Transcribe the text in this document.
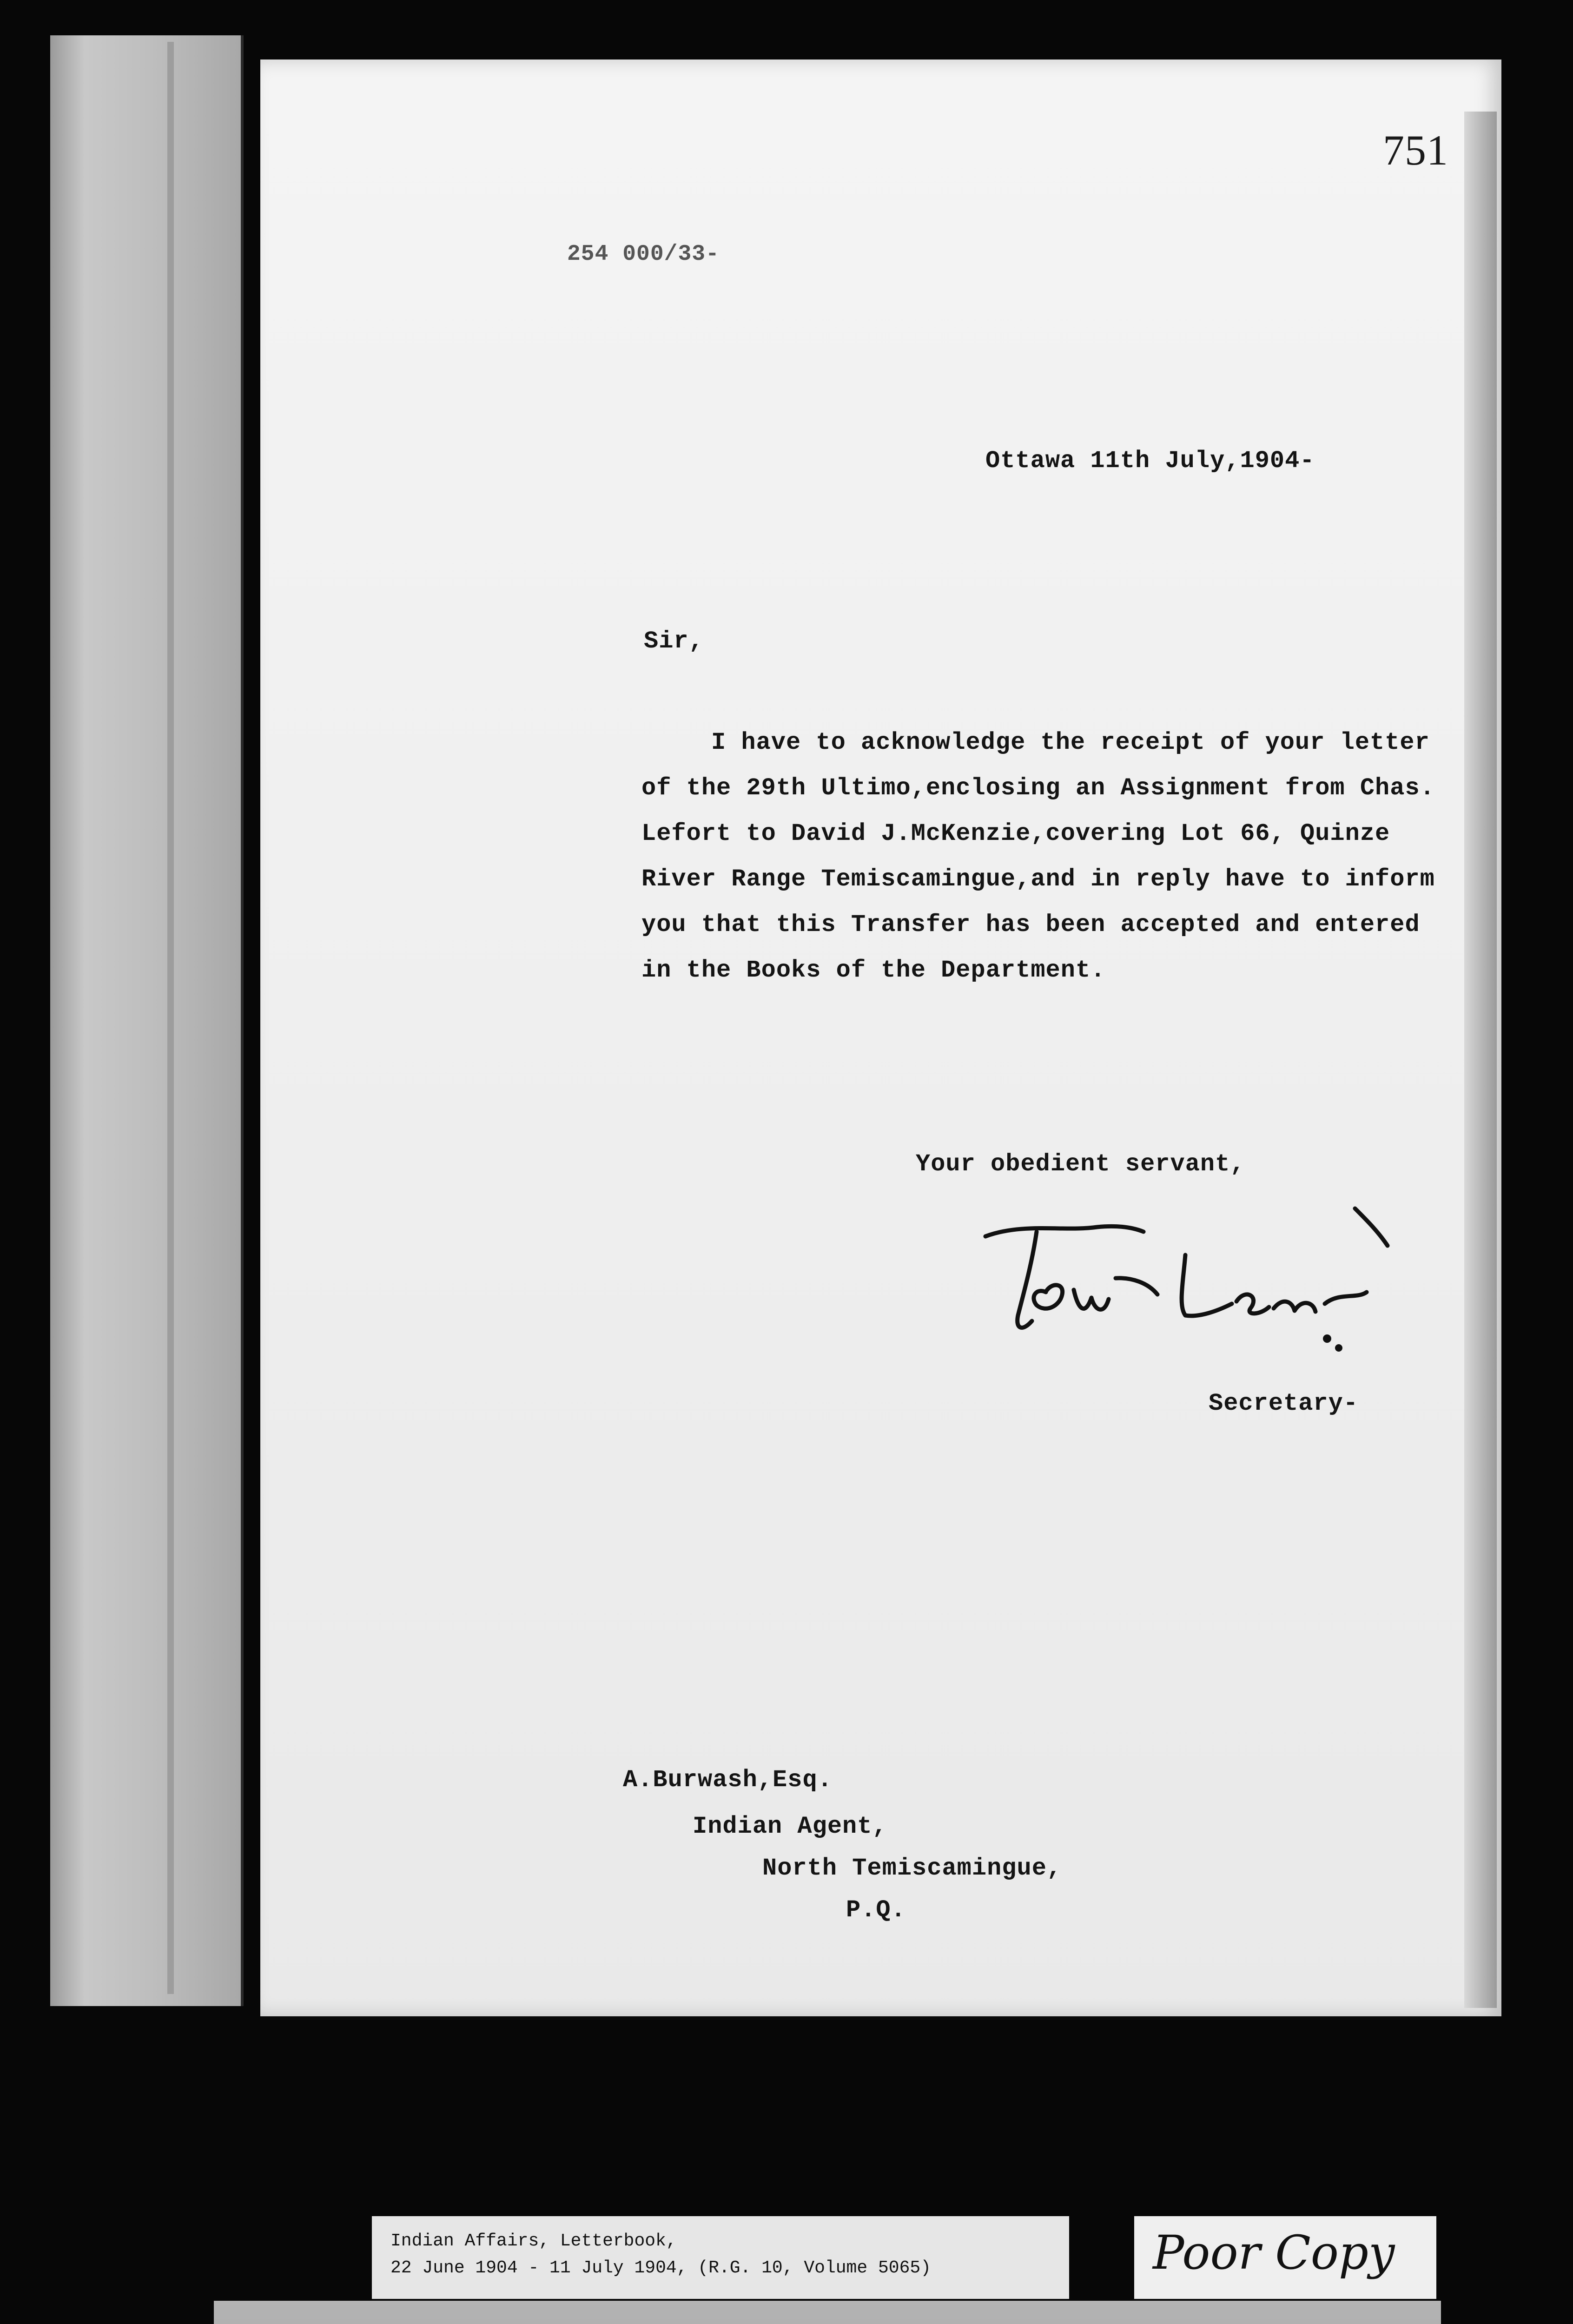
751
254 000/33-
Ottawa 11th July,1904-
Sir,
I have to acknowledge the receipt of your letter
of the 29th Ultimo,enclosing an Assignment from Chas.
Lefort to David J.McKenzie,covering Lot 66, Quinze
River Range Temiscamingue,and in reply have to inform
you that this Transfer has been accepted and entered
in the Books of the Department.
Your obedient servant,
Secretary-
A.Burwash,Esq.
Indian Agent,
North Temiscamingue,
P.Q.
Indian Affairs, Letterbook,
22 June 1904 - 11 July 1904, (R.G. 10, Volume 5065)	Poor Copy
